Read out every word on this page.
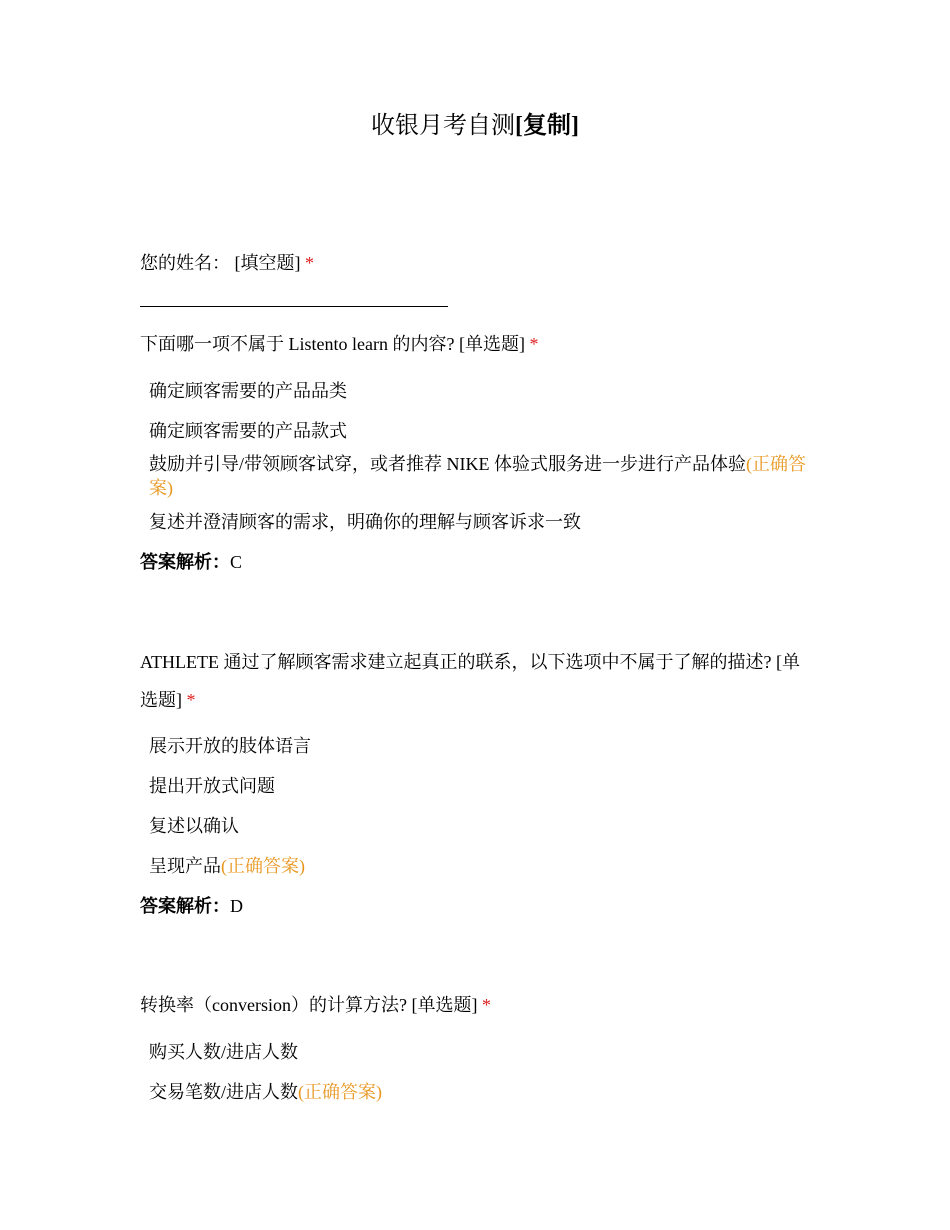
收银月考自测[复制]
您的姓名： [填空题] *
下面哪一项不属于 Listento learn 的内容? [单选题] *
确定顾客需要的产品品类
确定顾客需要的产品款式
鼓励并引导/带领顾客试穿，或者推荐 NIKE 体验式服务进一步进行产品体验(正确答案)
复述并澄清顾客的需求，明确你的理解与顾客诉求一致
答案解析：C
ATHLETE 通过了解顾客需求建立起真正的联系，以下选项中不属于了解的描述? [单选题] *
展示开放的肢体语言
提出开放式问题
复述以确认
呈现产品(正确答案)
答案解析：D
转换率（conversion）的计算方法? [单选题] *
购买人数/进店人数
交易笔数/进店人数(正确答案)
